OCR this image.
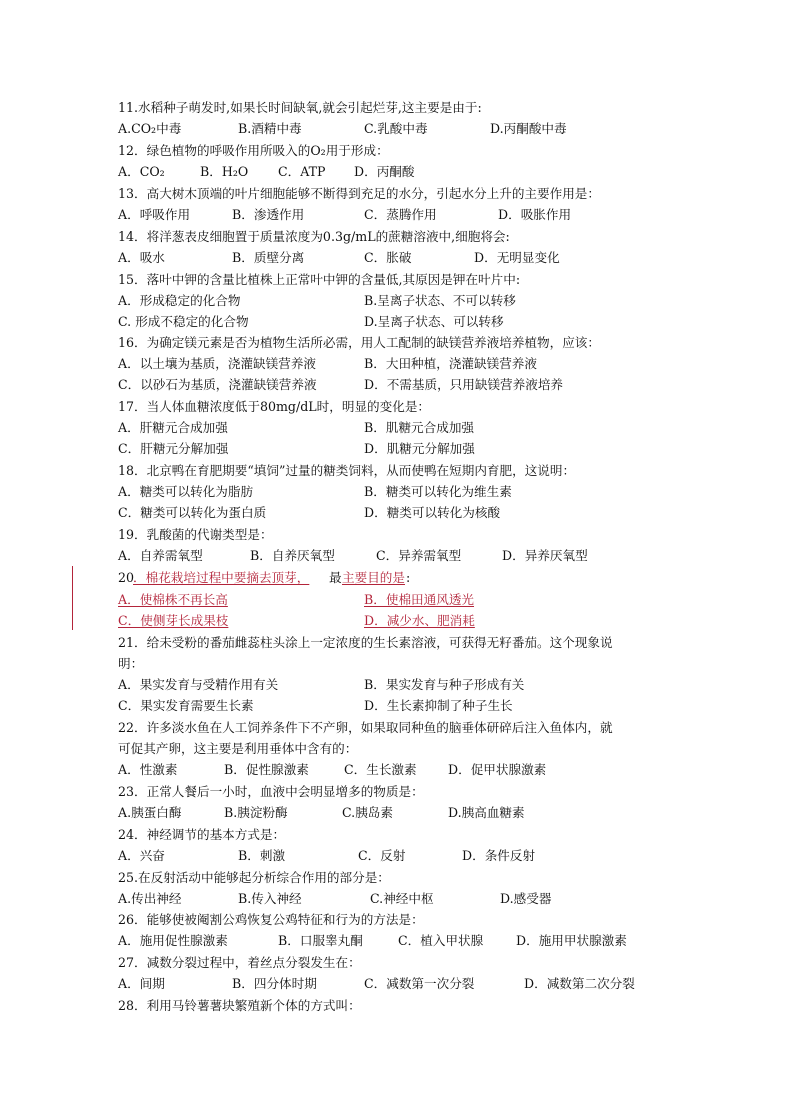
11.水稻种子萌发时,如果长时间缺氧,就会引起烂芽,这主要是由于:
A.CO₂中毒	B.酒精中毒	C.乳酸中毒	D.丙酮酸中毒
12．绿色植物的呼吸作用所吸入的O₂用于形成：
A．CO₂	B．H₂O C．ATP D．丙酮酸
13．高大树木顶端的叶片细胞能够不断得到充足的水分，引起水分上升的主要作用是：
A．呼吸作用	B．渗透作用	C．蒸腾作用	D．吸胀作用
14．将洋葱表皮细胞置于质量浓度为0.3g/mL的蔗糖溶液中,细胞将会:
A．吸水	B．质壁分离	C．胀破	D．无明显变化
15．落叶中钾的含量比植株上正常叶中钾的含量低,其原因是钾在叶片中:
A．形成稳定的化合物	B.呈离子状态、不可以转移
C. 形成不稳定的化合物	D.呈离子状态、可以转移
16．为确定镁元素是否为植物生活所必需，用人工配制的缺镁营养液培养植物，应该：
A．以土壤为基质，浇灌缺镁营养液	B．大田种植，浇灌缺镁营养液
C．以砂石为基质，浇灌缺镁营养液	D．不需基质，只用缺镁营养液培养
17．当人体血糖浓度低于80mg/dL时，明显的变化是：
A．肝糖元合成加强	B．肌糖元合成加强
C．肝糖元分解加强	D．肌糖元分解加强
18．北京鸭在育肥期要“填饲”过量的糖类饲料，从而使鸭在短期内育肥，这说明：
A．糖类可以转化为脂肪	B．糖类可以转化为维生素
C．糖类可以转化为蛋白质	D．糖类可以转化为核酸
19．乳酸菌的代谢类型是：
A．自养需氧型	B．自养厌氧型	C．异养需氧型	D．异养厌氧型
20
．棉花栽培过程中要摘去顶芽， 最 主要目的是 :
A．使棉株不再长高	B．使棉田通风透光
C．使侧芽长成果枝	D．减少水、肥消耗
21．给未受粉的番茄雌蕊柱头涂上一定浓度的生长素溶液，可获得无籽番茄。这个现象说
明：
A．果实发育与受精作用有关	B．果实发育与种子形成有关
C．果实发育需要生长素	D．生长素抑制了种子生长
22．许多淡水鱼在人工饲养条件下不产卵，如果取同种鱼的脑垂体研碎后注入鱼体内，就
可促其产卵，这主要是利用垂体中含有的：
A．性激素	B．促性腺激素	C．生长激素 D．促甲状腺激素
23．正常人餐后一小时，血液中会明显增多的物质是：
A.胰蛋白酶	B.胰淀粉酶	C.胰岛素	D.胰高血糖素
24．神经调节的基本方式是：
A．兴奋	B．刺激	C．反射	D．条件反射
25.在反射活动中能够起分析综合作用的部分是：
A.传出神经	B.传入神经	C.神经中枢	D.感受器
26．能够使被阉割公鸡恢复公鸡特征和行为的方法是：
A．施用促性腺激素	B．口服睾丸酮	C．植入甲状腺	D．施用甲状腺激素
27．减数分裂过程中，着丝点分裂发生在：
A．间期	B．四分体时期	C．减数第一次分裂	D．减数第二次分裂
28．利用马铃薯薯块繁殖新个体的方式叫：
